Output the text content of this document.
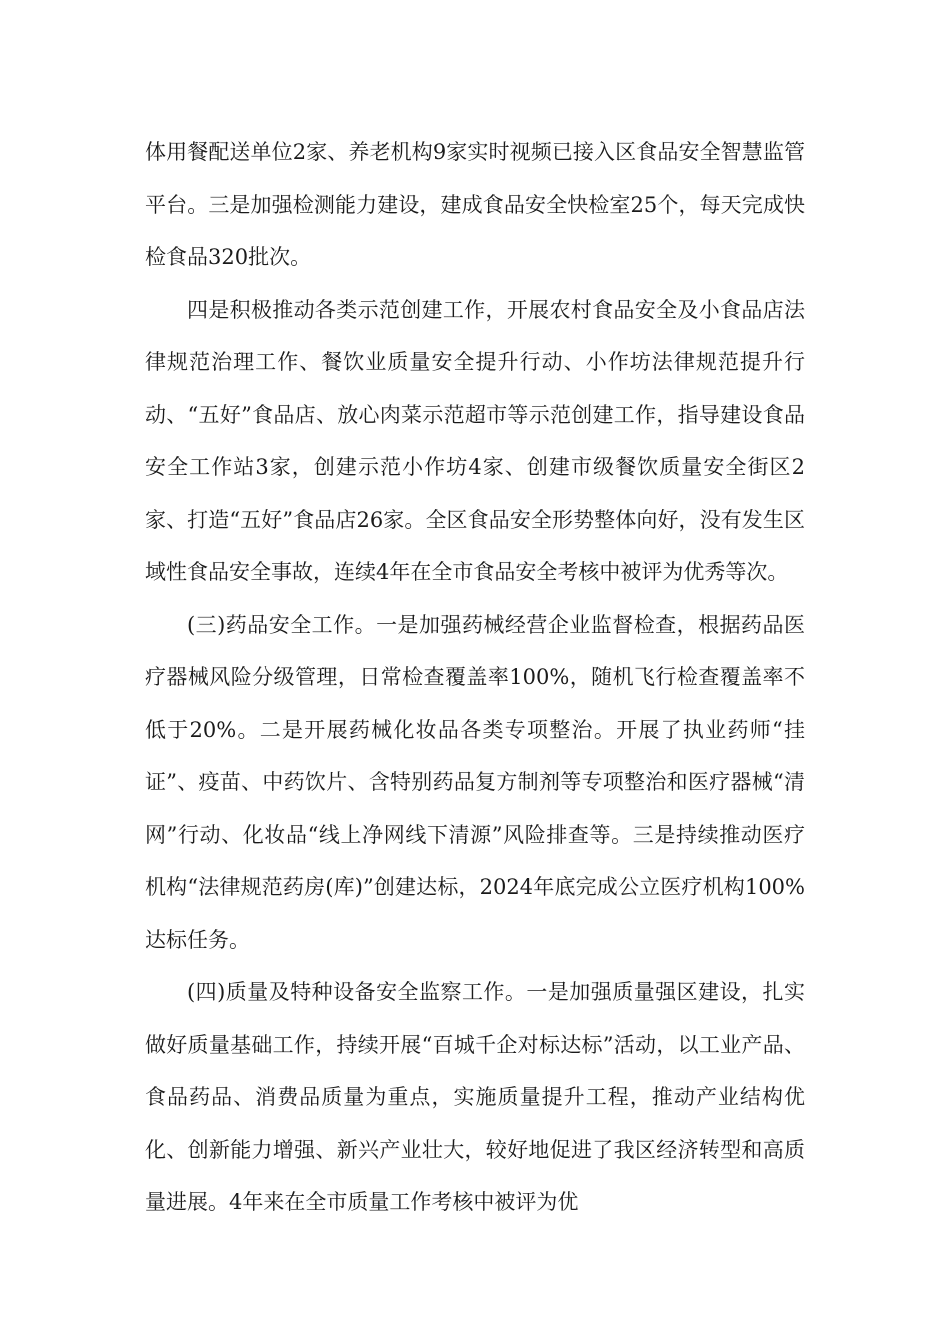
体用餐配送单位2家、养老机构9家实时视频已接入区食品安全智慧监管平台。三是加强检测能力建设，建成食品安全快检室25个，每天完成快检食品320批次。

四是积极推动各类示范创建工作，开展农村食品安全及小食品店法律规范治理工作、餐饮业质量安全提升行动、小作坊法律规范提升行动、“五好”食品店、放心肉菜示范超市等示范创建工作，指导建设食品安全工作站3家，创建示范小作坊4家、创建市级餐饮质量安全街区2家、打造“五好”食品店26家。全区食品安全形势整体向好，没有发生区域性食品安全事故，连续4年在全市食品安全考核中被评为优秀等次。

(三)药品安全工作。一是加强药械经营企业监督检查，根据药品医疗器械风险分级管理，日常检查覆盖率100%，随机飞行检查覆盖率不低于20%。二是开展药械化妆品各类专项整治。开展了执业药师“挂证”、疫苗、中药饮片、含特别药品复方制剂等专项整治和医疗器械“清网”行动、化妆品“线上净网线下清源”风险排查等。三是持续推动医疗机构“法律规范药房(库)”创建达标，2024年底完成公立医疗机构100%达标任务。

(四)质量及特种设备安全监察工作。一是加强质量强区建设，扎实做好质量基础工作，持续开展“百城千企对标达标”活动，以工业产品、食品药品、消费品质量为重点，实施质量提升工程，推动产业结构优化、创新能力增强、新兴产业壮大，较好地促进了我区经济转型和高质量进展。4年来在全市质量工作考核中被评为优
